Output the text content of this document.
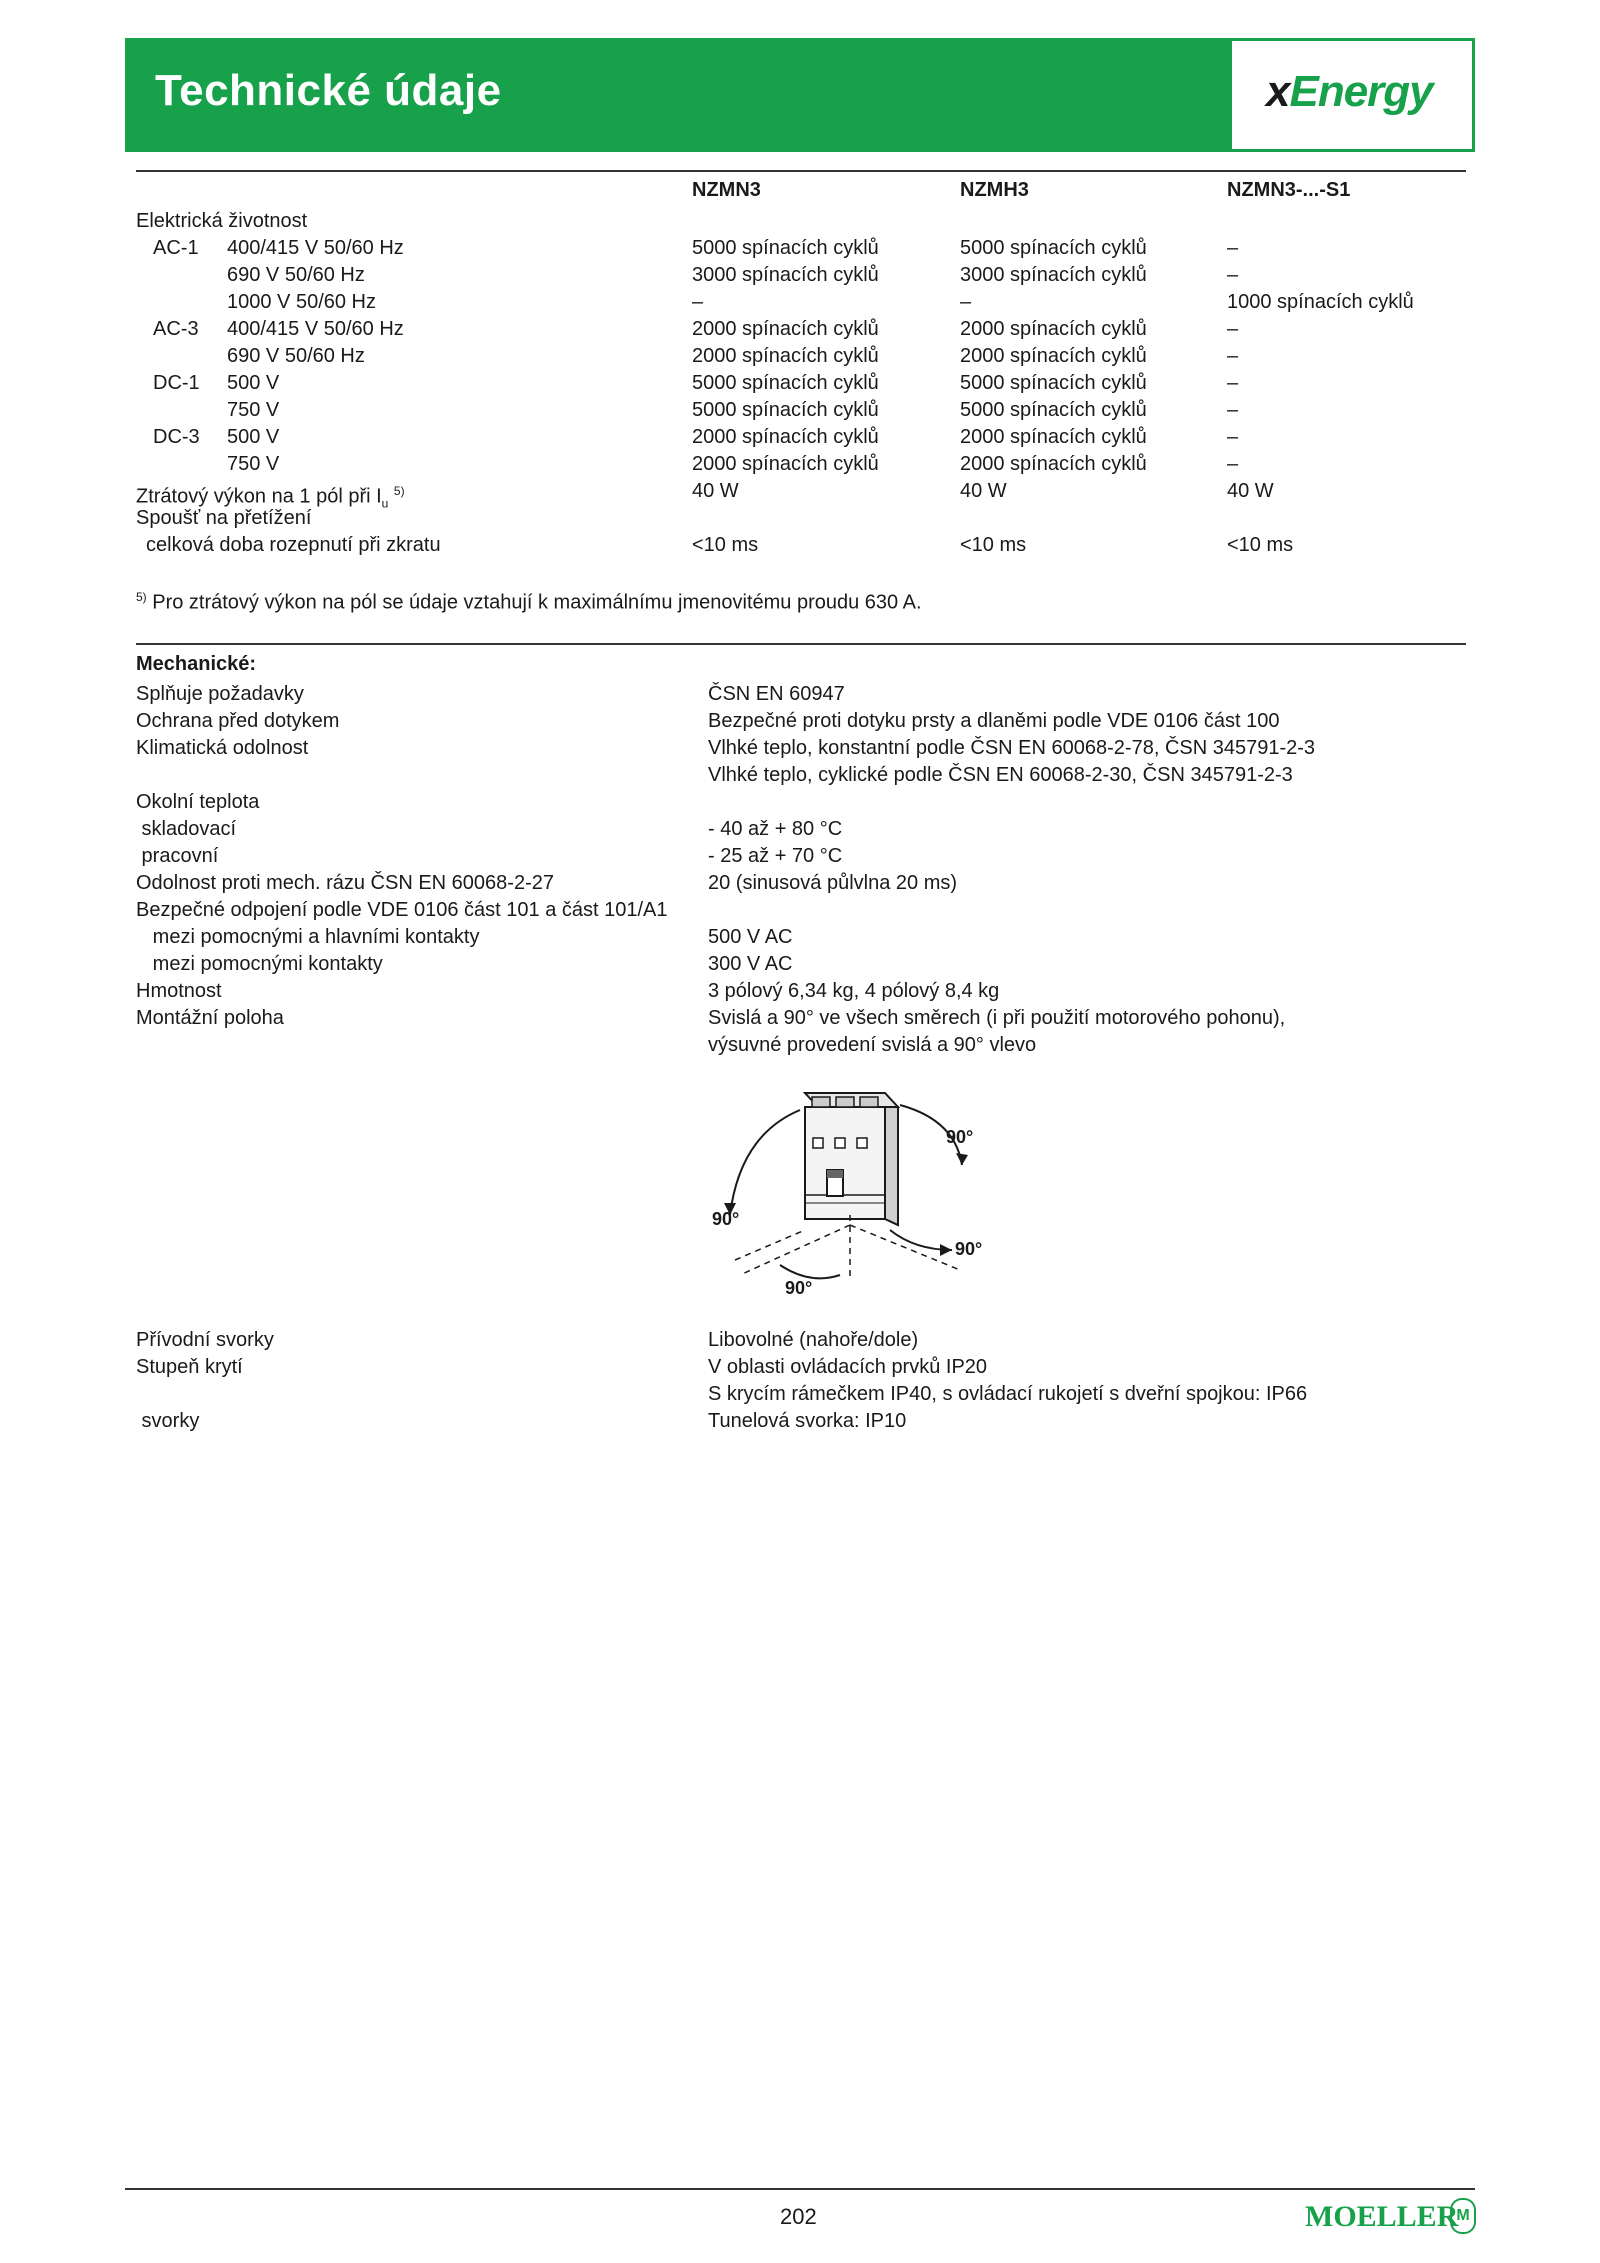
Technické údaje	xEnergy
NZMN3	NZMH3	NZMN3-...-S1
Elektrická životnost
AC-1 400/415 V 50/60 Hz	5000 spínacích cyklů	5000 spínacích cyklů	–
690 V 50/60 Hz	3000 spínacích cyklů	3000 spínacích cyklů	–
1000 V 50/60 Hz	–	–	1000 spínacích cyklů
AC-3 400/415 V 50/60 Hz	2000 spínacích cyklů	2000 spínacích cyklů	–
690 V 50/60 Hz	2000 spínacích cyklů	2000 spínacích cyklů	–
DC-1 500 V	5000 spínacích cyklů	5000 spínacích cyklů	–
750 V	5000 spínacích cyklů	5000 spínacích cyklů	–
DC-3 500 V	2000 spínacích cyklů	2000 spínacích cyklů	–
750 V	2000 spínacích cyklů	2000 spínacích cyklů	–
Ztrátový výkon na 1 pól při $I_u$ $^{5)}$	40 W	40 W	40 W
Spoušť na přetížení
celková doba rozepnutí při zkratu	<10 ms	<10 ms	<10 ms
$^{5)}$ Pro ztrátový výkon na pól se údaje vztahují k maximálnímu jmenovitému proudu 630 A.
Mechanické:
Splňuje požadavky	ČSN EN 60947
Ochrana před dotykem	Bezpečné proti dotyku prsty a dlaněmi podle VDE 0106 část 100
Klimatická odolnost	Vlhké teplo, konstantní podle ČSN EN 60068-2-78, ČSN 345791-2-3
Vlhké teplo, cyklické podle ČSN EN 60068-2-30, ČSN 345791-2-3
Okolní teplota
skladovací	- 40 až + 80 °C
pracovní	- 25 až + 70 °C
Odolnost proti mech. rázu ČSN EN 60068-2-27	20 (sinusová půlvlna 20 ms)
Bezpečné odpojení podle VDE 0106 část 101 a část 101/A1
mezi pomocnými a hlavními kontakty	500 V AC
mezi pomocnými kontakty	300 V AC
Hmotnost	3 pólový 6,34 kg, 4 pólový 8,4 kg
Montážní poloha	Svislá a 90° ve všech směrech (i při použití motorového pohonu),
výsuvné provedení svislá a 90° vlevo
90°
90°
90°
90°
Přívodní svorky	Libovolné (nahoře/dole)
Stupeň krytí	V oblasti ovládacích prvků IP20
S krycím rámečkem IP40, s ovládací rukojetí s dveřní spojkou: IP66
svorky	Tunelová svorka: IP10
202	MOELLER
M
